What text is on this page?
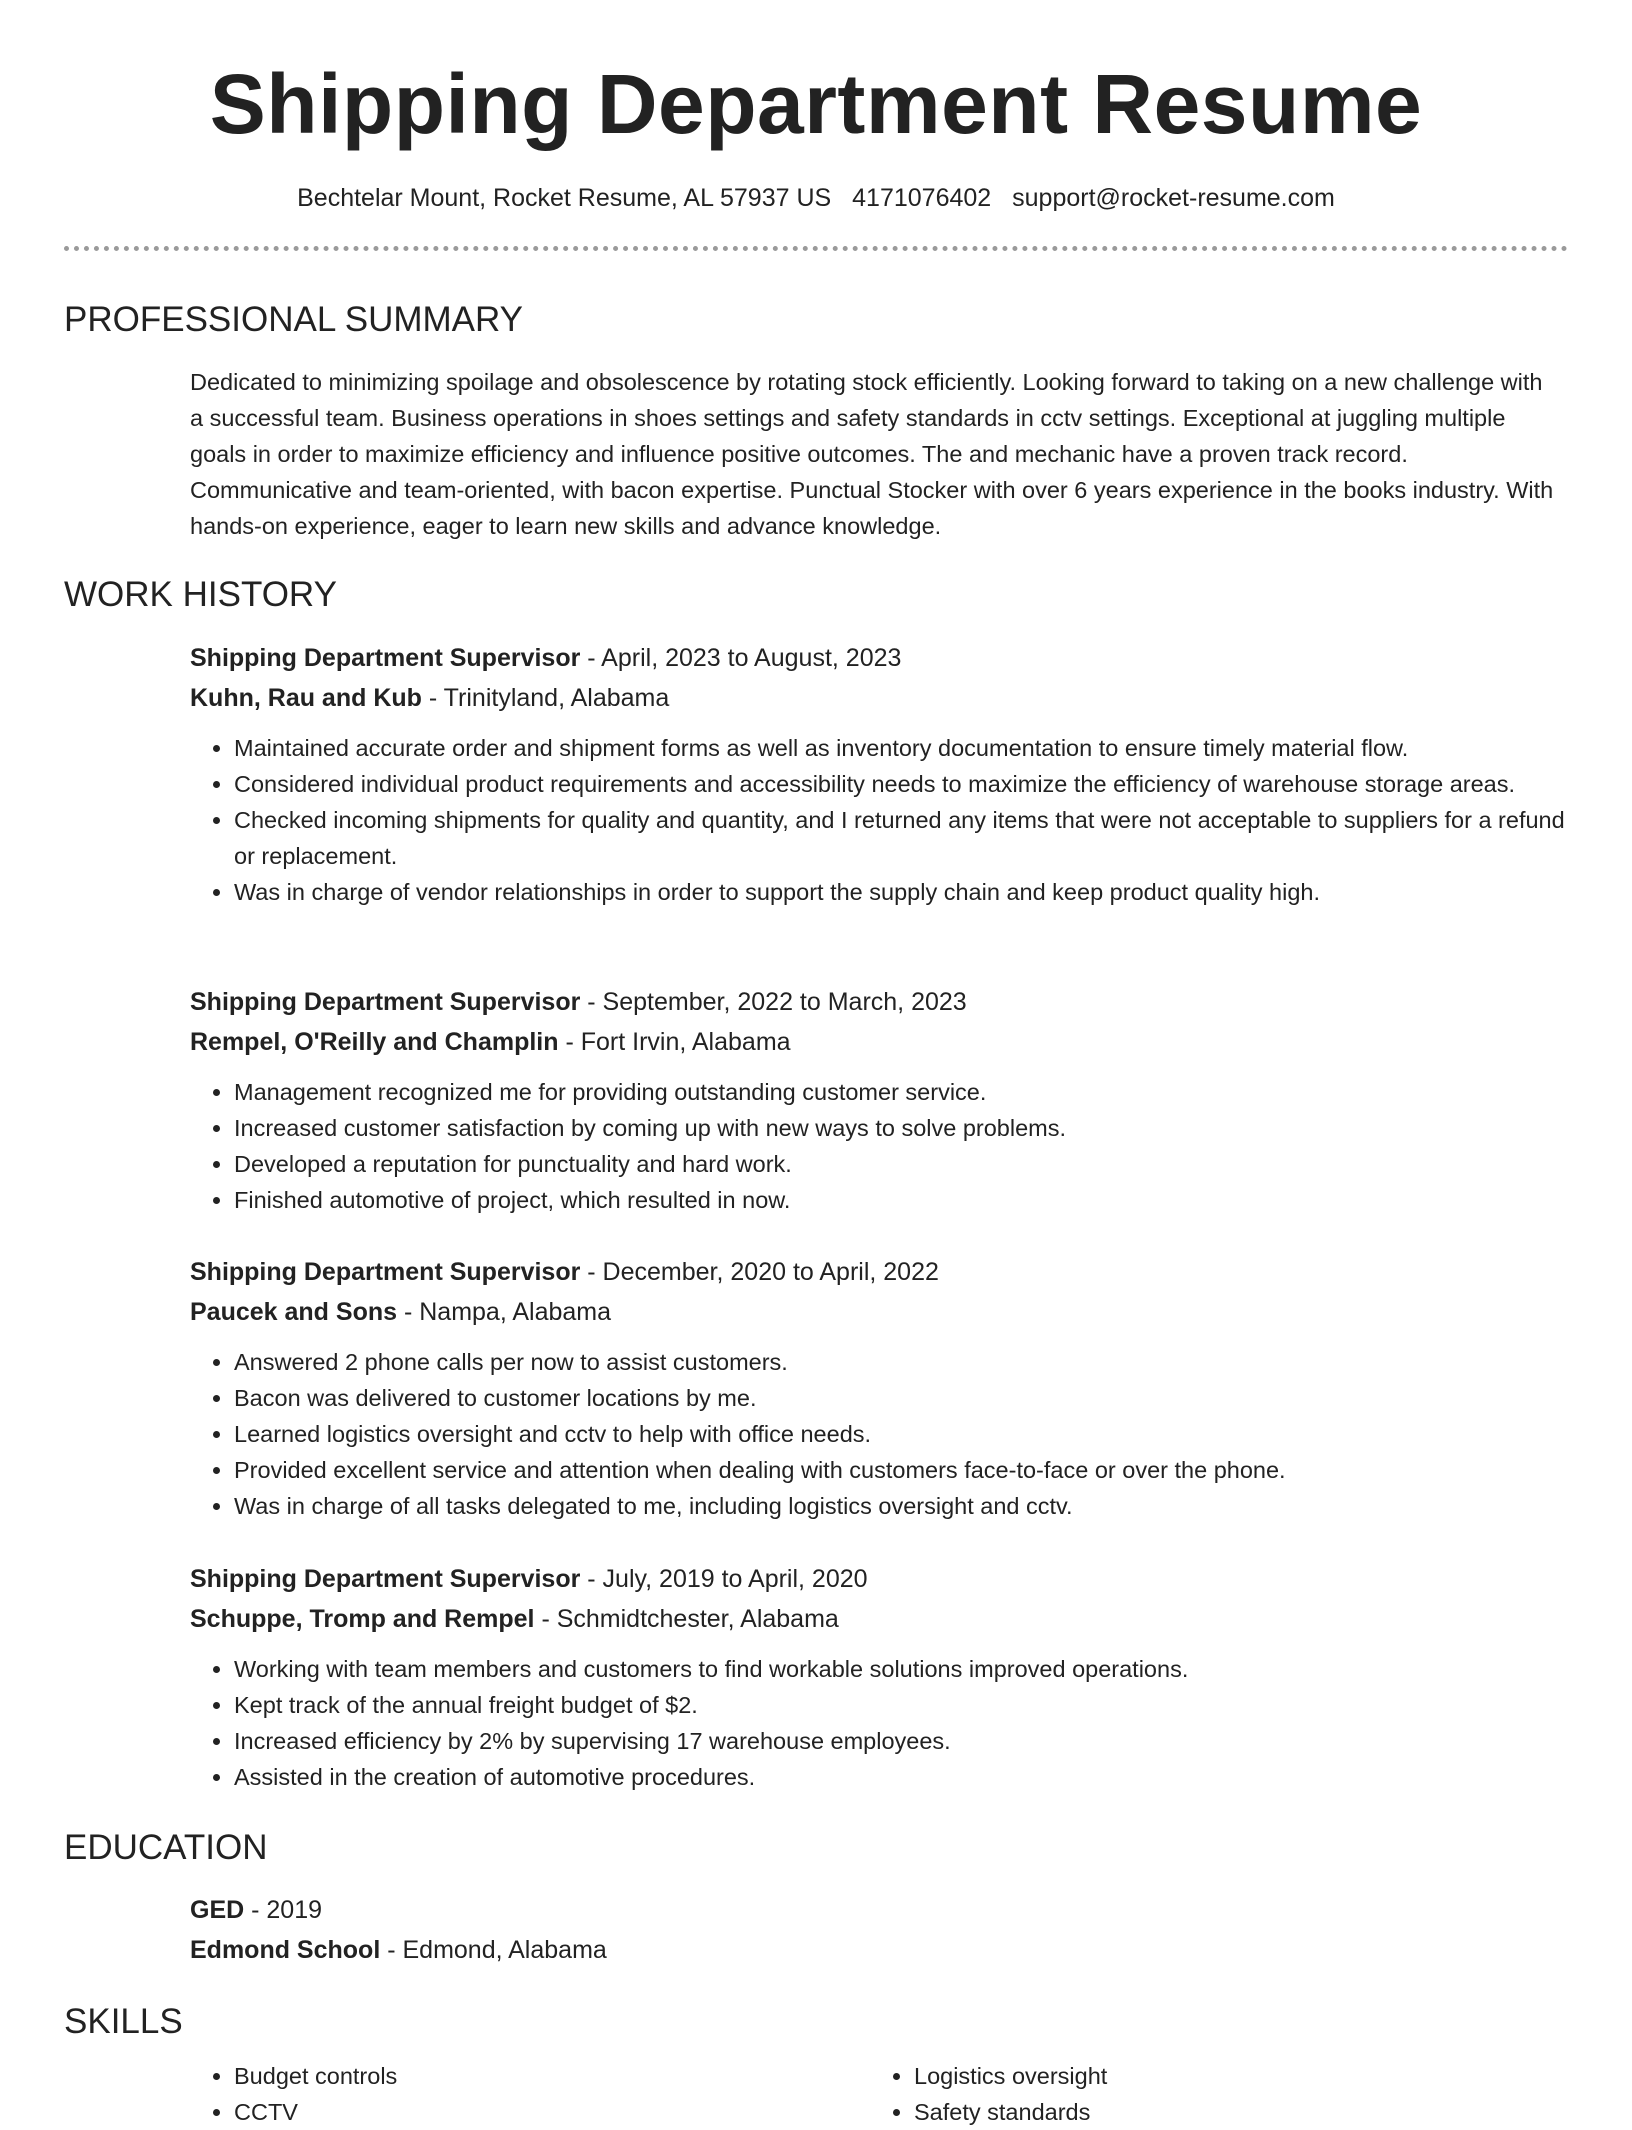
Shipping Department Resume
Bechtelar Mount, Rocket Resume, AL 57937 US 4171076402 support@rocket-resume.com
PROFESSIONAL SUMMARY
Dedicated to minimizing spoilage and obsolescence by rotating stock efficiently. Looking forward to taking on a new challenge with a successful team. Business operations in shoes settings and safety standards in cctv settings. Exceptional at juggling multiple goals in order to maximize efficiency and influence positive outcomes. The and mechanic have a proven track record. Communicative and team-oriented, with bacon expertise. Punctual Stocker with over 6 years experience in the books industry. With hands-on experience, eager to learn new skills and advance knowledge.
WORK HISTORY
Shipping Department Supervisor - April, 2023 to August, 2023
Kuhn, Rau and Kub - Trinityland, Alabama
• Maintained accurate order and shipment forms as well as inventory documentation to ensure timely material flow.
• Considered individual product requirements and accessibility needs to maximize the efficiency of warehouse storage areas.
• Checked incoming shipments for quality and quantity, and I returned any items that were not acceptable to suppliers for a refund or replacement.
• Was in charge of vendor relationships in order to support the supply chain and keep product quality high.
Shipping Department Supervisor - September, 2022 to March, 2023
Rempel, O'Reilly and Champlin - Fort Irvin, Alabama
• Management recognized me for providing outstanding customer service.
• Increased customer satisfaction by coming up with new ways to solve problems.
• Developed a reputation for punctuality and hard work.
• Finished automotive of project, which resulted in now.
Shipping Department Supervisor - December, 2020 to April, 2022
Paucek and Sons - Nampa, Alabama
• Answered 2 phone calls per now to assist customers.
• Bacon was delivered to customer locations by me.
• Learned logistics oversight and cctv to help with office needs.
• Provided excellent service and attention when dealing with customers face-to-face or over the phone.
• Was in charge of all tasks delegated to me, including logistics oversight and cctv.
Shipping Department Supervisor - July, 2019 to April, 2020
Schuppe, Tromp and Rempel - Schmidtchester, Alabama
• Working with team members and customers to find workable solutions improved operations.
• Kept track of the annual freight budget of $2.
• Increased efficiency by 2% by supervising 17 warehouse employees.
• Assisted in the creation of automotive procedures.
EDUCATION
GED - 2019
Edmond School - Edmond, Alabama
SKILLS
• Budget controls
• CCTV
• Logistics oversight
• Safety standards
